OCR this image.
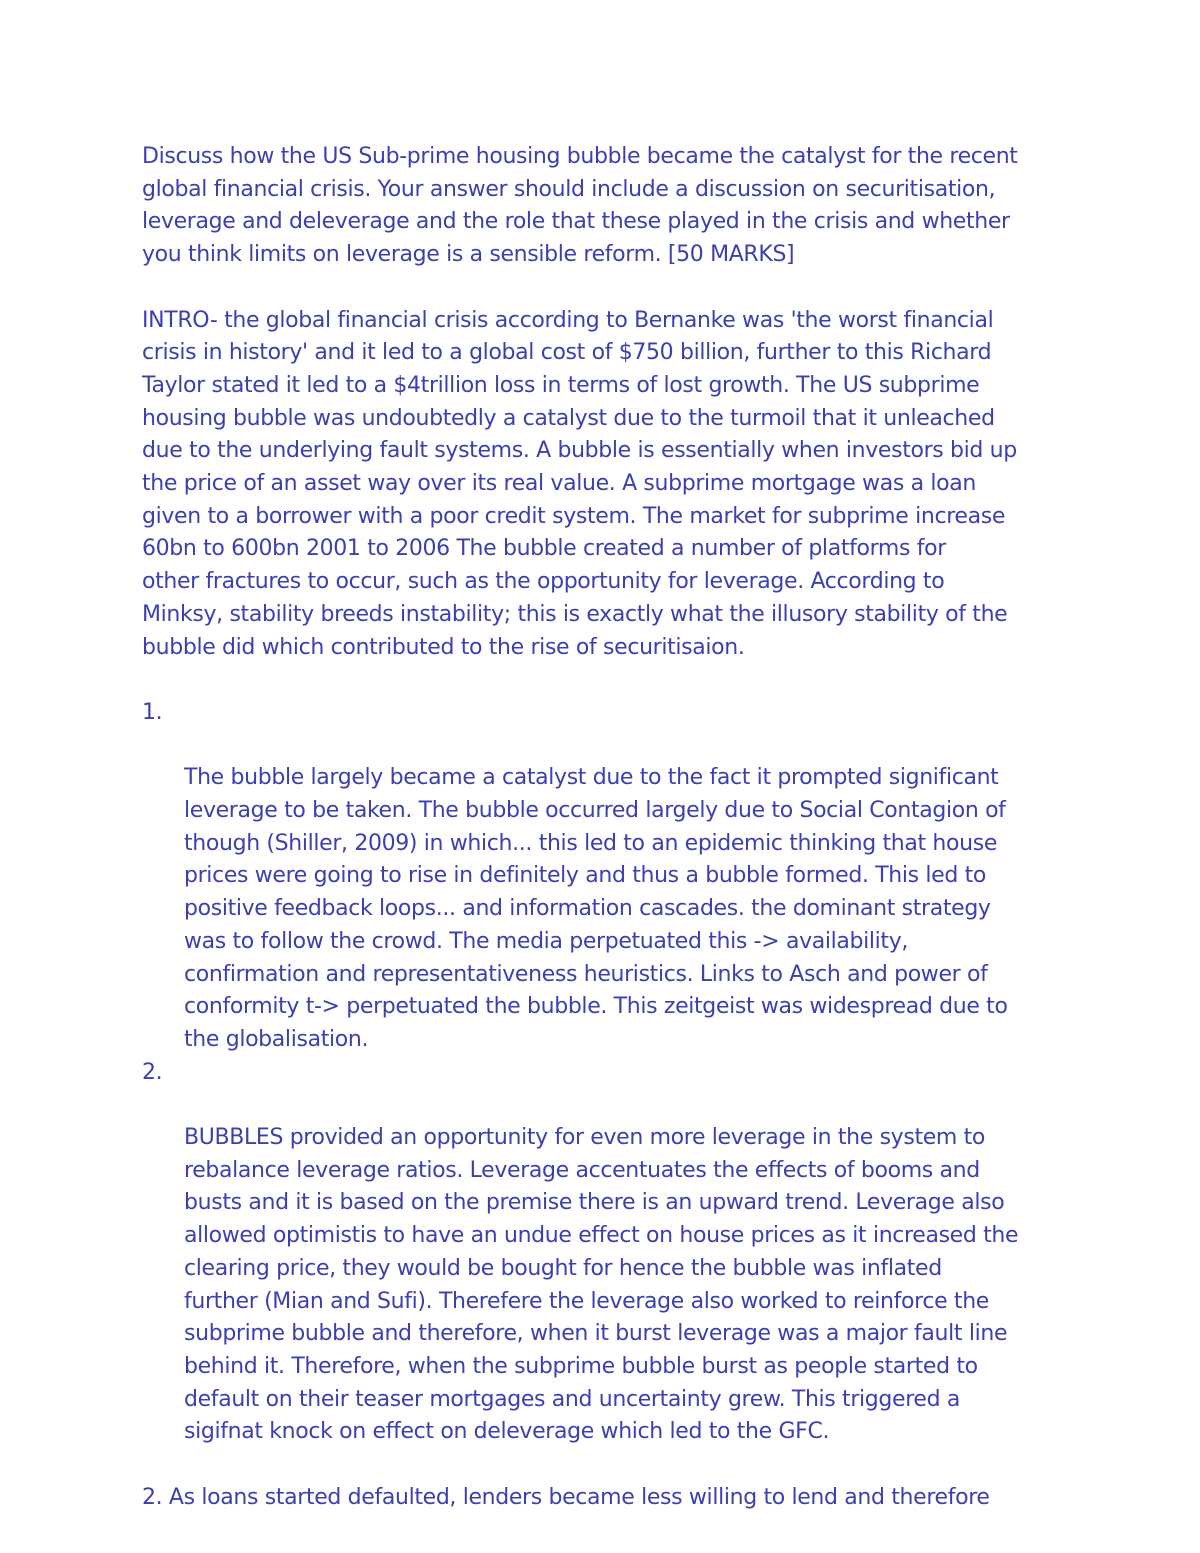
Discuss how the US Sub-prime housing bubble became the catalyst for the recent
global financial crisis. Your answer should include a discussion on securitisation,
leverage and deleverage and the role that these played in the crisis and whether
you think limits on leverage is a sensible reform. [50 MARKS]

INTRO- the global financial crisis according to Bernanke was 'the worst financial
crisis in history' and it led to a global cost of $750 billion, further to this Richard
Taylor stated it led to a $4trillion loss in terms of lost growth. The US subprime
housing bubble was undoubtedly a catalyst due to the turmoil that it unleached
due to the underlying fault systems. A bubble is essentially when investors bid up
the price of an asset way over its real value. A subprime mortgage was a loan
given to a borrower with a poor credit system. The market for subprime increase
60bn to 600bn 2001 to 2006 The bubble created a number of platforms for
other fractures to occur, such as the opportunity for leverage. According to
Minksy, stability breeds instability; this is exactly what the illusory stability of the
bubble did which contributed to the rise of securitisaion.

1.

The bubble largely became a catalyst due to the fact it prompted significant
leverage to be taken. The bubble occurred largely due to Social Contagion of
though (Shiller, 2009) in which... this led to an epidemic thinking that house
prices were going to rise in definitely and thus a bubble formed. This led to
positive feedback loops... and information cascades. the dominant strategy
was to follow the crowd. The media perpetuated this -> availability,
confirmation and representativeness heuristics. Links to Asch and power of
conformity t-> perpetuated the bubble. This zeitgeist was widespread due to
the globalisation.

2.

BUBBLES provided an opportunity for even more leverage in the system to
rebalance leverage ratios. Leverage accentuates the effects of booms and
busts and it is based on the premise there is an upward trend. Leverage also
allowed optimistis to have an undue effect on house prices as it increased the
clearing price, they would be bought for hence the bubble was inflated
further (Mian and Sufi). Therefere the leverage also worked to reinforce the
subprime bubble and therefore, when it burst leverage was a major fault line
behind it. Therefore, when the subprime bubble burst as people started to
default on their teaser mortgages and uncertainty grew. This triggered a
sigifnat knock on effect on deleverage which led to the GFC.

2. As loans started defaulted, lenders became less willing to lend and therefore
